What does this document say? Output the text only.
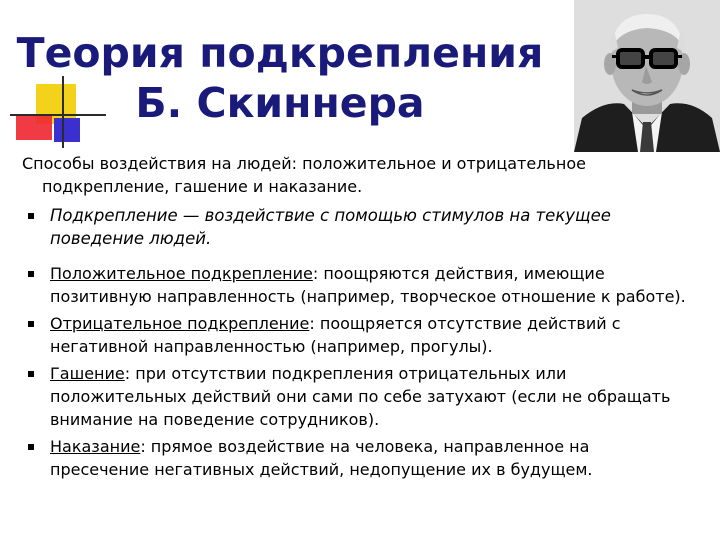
Теория подкрепления
Б. Скиннера

Способы воздействия на людей: положительное и отрицательное подкрепление, гашение и наказание.

Подкрепление — воздействие с помощью стимулов на текущее поведение людей.
Положительное подкрепление: поощряются действия, имеющие позитивную направленность (например, творческое отношение к работе).
Отрицательное подкрепление: поощряется отсутствие действий с негативной направленностью (например, прогулы).
Гашение: при отсутствии подкрепления отрицательных или положительных действий они сами по себе затухают (если не обращать внимание на поведение сотрудников).
Наказание: прямое воздействие на человека, направленное на пресечение негативных действий, недопущение их в будущем.
